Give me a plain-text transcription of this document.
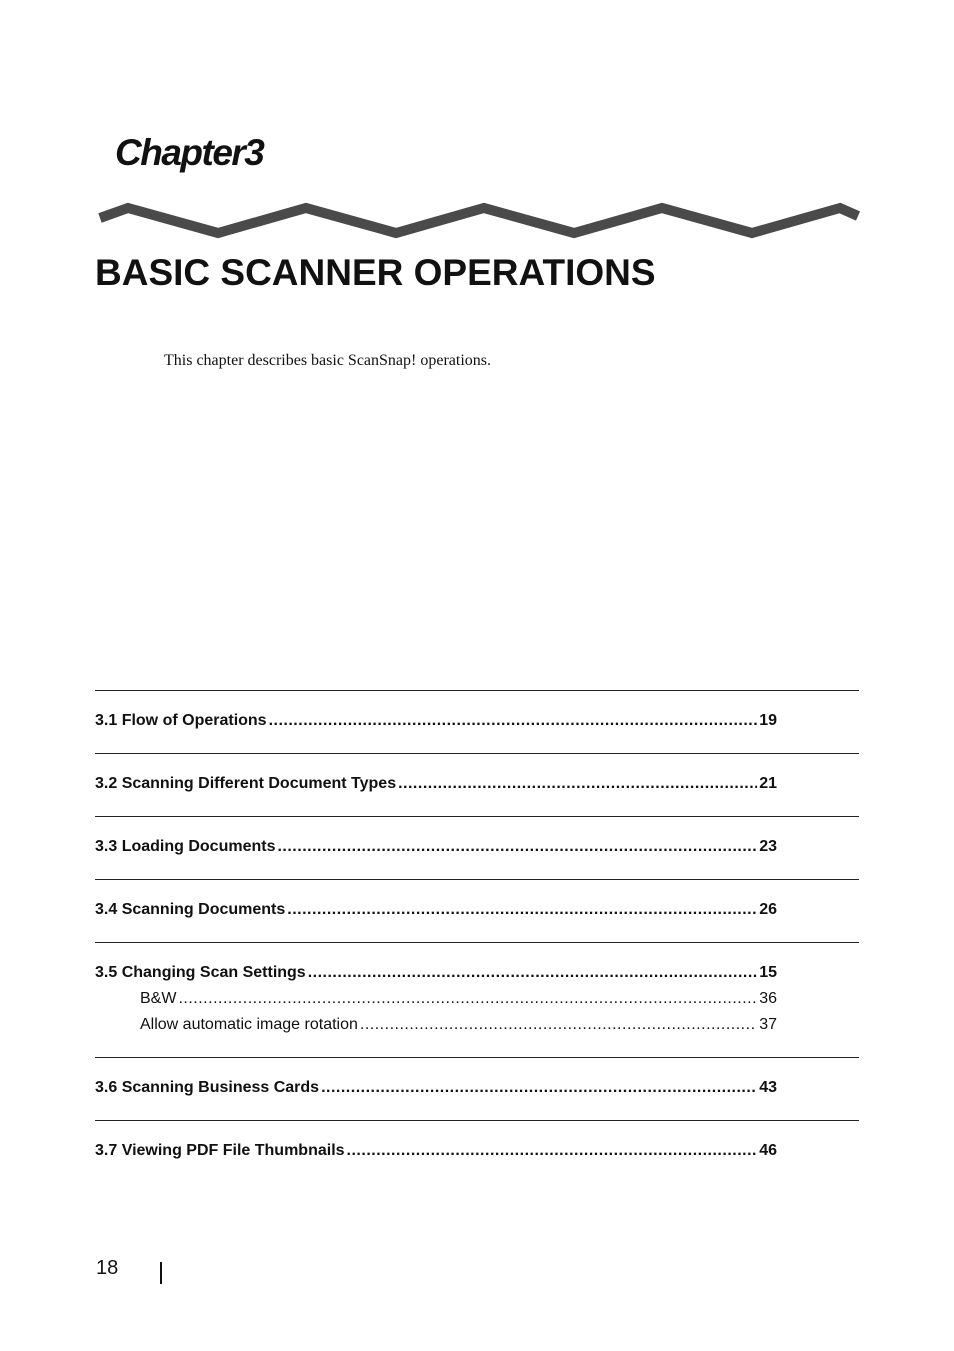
Chapter3
BASIC SCANNER OPERATIONS

This chapter describes basic ScanSnap! operations.

3.1 Flow of Operations .....	19
3.2 Scanning Different Document Types .....	21
3.3 Loading Documents .....	23
3.4 Scanning Documents .....	26
3.5 Changing Scan Settings .....	15
B&W .....	36
Allow automatic image rotation .....	37
3.6 Scanning Business Cards .....	43
3.7 Viewing PDF File Thumbnails .....	46
18
